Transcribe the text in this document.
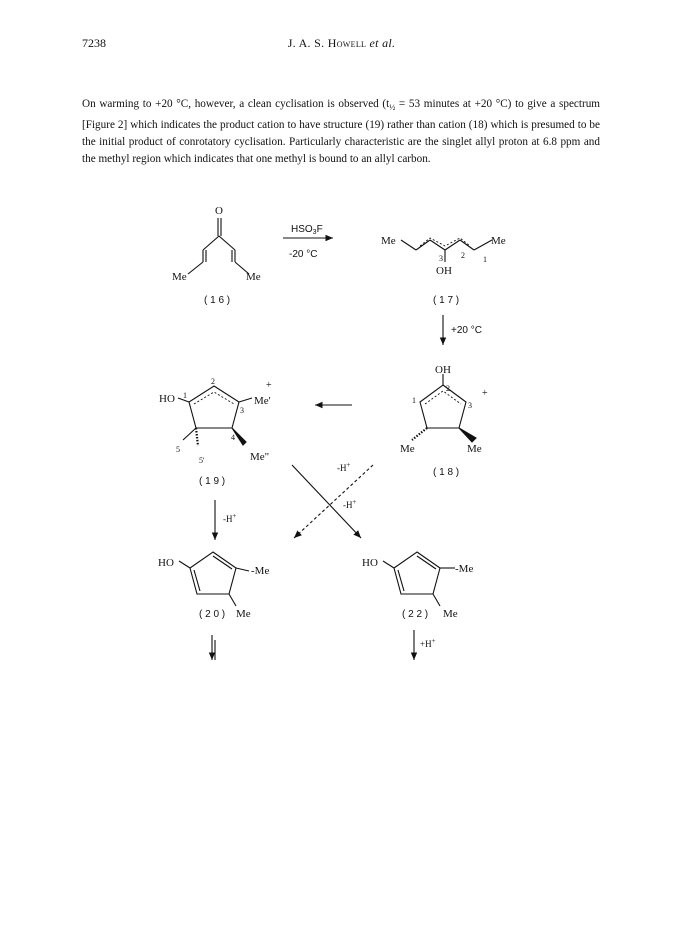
7238	J. A. S. Howell et al.
On warming to +20 °C, however, a clean cyclisation is observed ($t_{\frac{1}{2}} = 53$ minutes at +20 °C) to give a spectrum [Figure 2] which indicates the product cation to have structure (19) rather than cation (18) which is presumed to be the initial product of conrotatory cyclisation. Particularly characteristic are the singlet allyl proton at 6.8 ppm and the methyl region which indicates that one methyl is bound to an allyl carbon.
O
Me	Me
( 1 6 )
$HSO_3F$
-20 °C
Me	Me
OH
3 2 1
( 1 7 )
+20 °C
OH
2
1
3
+
Me	Me
( 1 8 )
HO
2
1
3
4
5
5'
Me'
+
Me"
( 1 9 )
-H+
-H+
-H+
HO
-Me
Me
( 2 0 )
HO	-Me
Me
( 2 2 )
+H+
